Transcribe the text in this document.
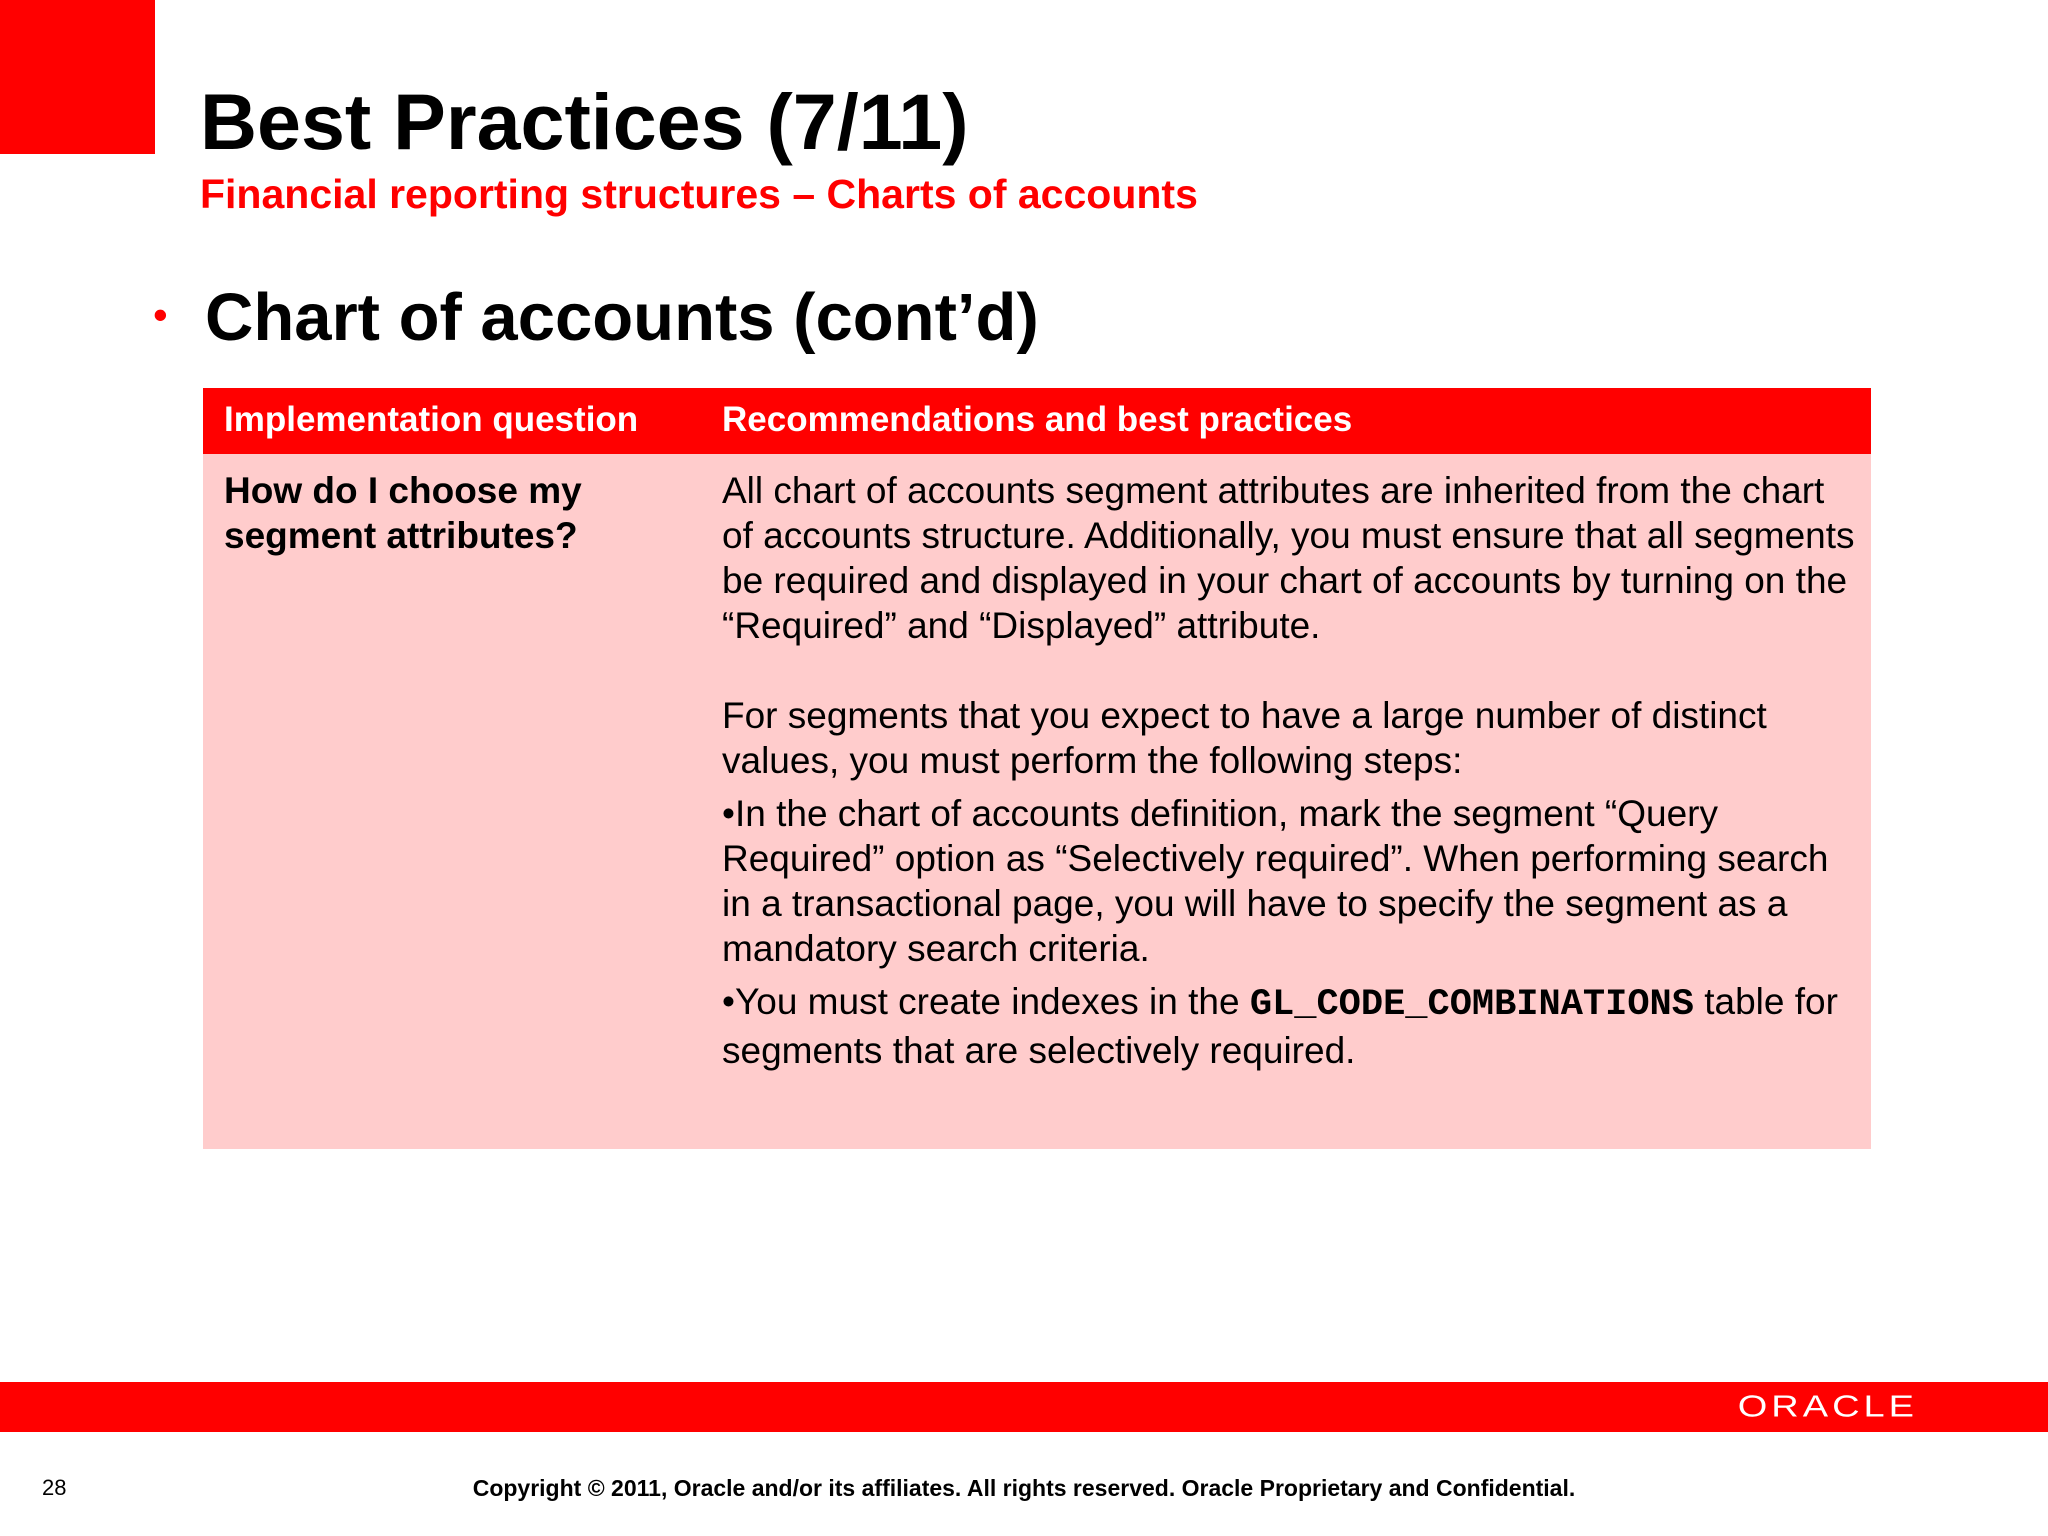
Best Practices (7/11)
Financial reporting structures – Charts of accounts
• Chart of accounts (cont’d)
Implementation question Recommendations and best practices
How do I choose my segment attributes?

All chart of accounts segment attributes are inherited from the chart of accounts structure. Additionally, you must ensure that all segments be required and displayed in your chart of accounts by turning on the “Required” and “Displayed” attribute.

For segments that you expect to have a large number of distinct values, you must perform the following steps:

•In the chart of accounts definition, mark the segment “Query Required” option as “Selectively required”. When performing search in a transactional page, you will have to specify the segment as a mandatory search criteria.

•You must create indexes in the GL_CODE_COMBINATIONS table for segments that are selectively required.

ORACLE
28	Copyright © 2011, Oracle and/or its affiliates. All rights reserved. Oracle Proprietary and Confidential.
